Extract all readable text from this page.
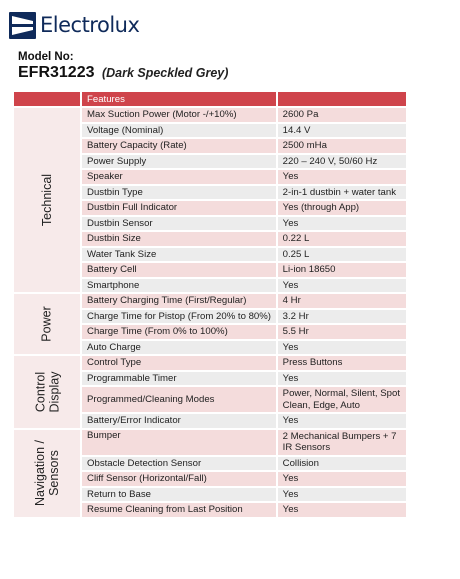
Electrolux
Model No:
EFR31223 (Dark Speckled Grey)
	Features	
Technical	Max Suction Power (Motor -/+10%)	2600 Pa
	Voltage (Nominal)	14.4 V
	Battery Capacity (Rate)	2500 mHa
	Power Supply	220 – 240 V, 50/60 Hz
	Speaker	Yes
	Dustbin Type	2-in-1 dustbin + water tank
	Dustbin Full Indicator	Yes (through App)
	Dustbin Sensor	Yes
	Dustbin Size	0.22 L
	Water Tank Size	0.25 L
	Battery Cell	Li-ion 18650
	Smartphone	Yes
Power	Battery Charging Time (First/Regular)	4 Hr
	Charge Time for Pistop (From 20% to 80%)	3.2 Hr
	Charge Time (From 0% to 100%)	5.5 Hr
	Auto Charge	Yes
Control
Display	Control Type	Press Buttons
	Programmable Timer	Yes
	Programmed/Cleaning Modes	Power, Normal, Silent, Spot Clean, Edge, Auto
	Battery/Error Indicator	Yes
Navigation /
Sensors	Bumper	2 Mechanical Bumpers + 7 IR Sensors
	Obstacle Detection Sensor	Collision
	Cliff Sensor (Horizontal/Fall)	Yes
	Return to Base	Yes
	Resume Cleaning from Last Position	Yes
